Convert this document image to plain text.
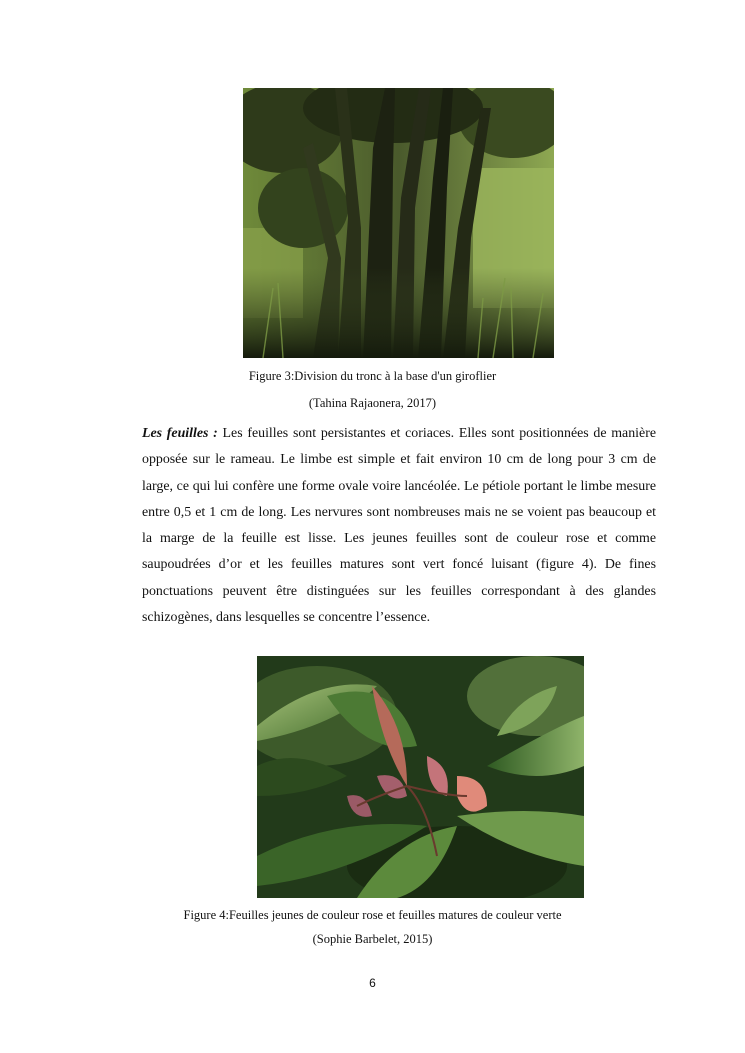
Figure 3:Division du tronc à la base d'un giroflier
(Tahina Rajaonera, 2017)

Les feuilles : Les feuilles sont persistantes et coriaces. Elles sont positionnées de manière opposée sur le rameau. Le limbe est simple et fait environ 10 cm de long pour 3 cm de large, ce qui lui confère une forme ovale voire lancéolée. Le pétiole portant le limbe mesure entre 0,5 et 1 cm de long. Les nervures sont nombreuses mais ne se voient pas beaucoup et la marge de la feuille est lisse. Les jeunes feuilles sont de couleur rose et comme saupoudrées d’or et les feuilles matures sont vert foncé luisant (figure 4). De fines ponctuations peuvent être distinguées sur les feuilles correspondant à des glandes schizogènes, dans lesquelles se concentre l’essence.

Figure 4:Feuilles jeunes de couleur rose et feuilles matures de couleur verte
(Sophie Barbelet, 2015)
6
